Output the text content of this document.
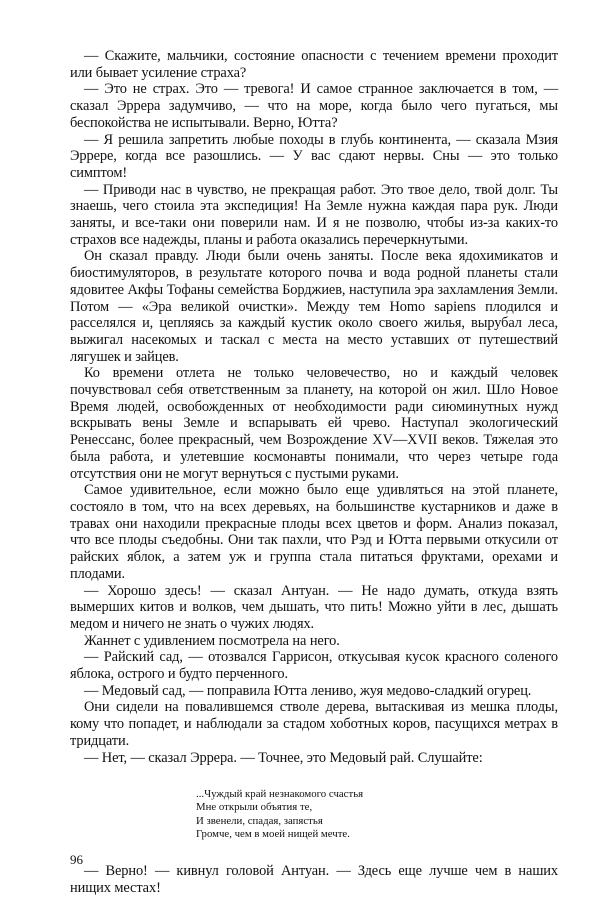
— Скажите, мальчики, состояние опасности с течением времени проходит или бывает усиление страха?

— Это не страх. Это — тревога! И самое странное заключается в том, — сказал Эррера задумчиво, — что на море, когда было чего пугаться, мы беспокойства не испытывали. Верно, Ютта?

— Я решила запретить любые походы в глубь континента, — сказала Мзия Эррере, когда все разошлись. — У вас сдают нервы. Сны — это только симптом!

— Приводи нас в чувство, не прекращая работ. Это твое дело, твой долг. Ты знаешь, чего стоила эта экспедиция! На Земле нужна каждая пара рук. Люди заняты, и все-таки они поверили нам. И я не позволю, чтобы из-за каких-то страхов все надежды, планы и работа оказались перечеркнутыми.

Он сказал правду. Люди были очень заняты. После века ядохимикатов и биостимуляторов, в результате которого почва и вода родной планеты стали ядовитее Акфы Тофаны семейства Борджиев, наступила эра захламления Земли. Потом — «Эра великой очистки». Между тем Homo sapiens плодился и расселялся и, цепляясь за каждый кустик около своего жилья, вырубал леса, выжигал насекомых и таскал с места на место уставших от путешествий лягушек и зайцев.

Ко времени отлета не только человечество, но и каждый человек почувствовал себя ответственным за планету, на которой он жил. Шло Новое Время людей, освобожденных от необходимости ради сиюминутных нужд вскрывать вены Земле и вспарывать ей чрево. Наступал экологический Ренессанс, более прекрасный, чем Возрождение XV—XVII веков. Тяжелая это была работа, и улетевшие космонавты понимали, что через четыре года отсутствия они не могут вернуться с пустыми руками.

Самое удивительное, если можно было еще удивляться на этой планете, состояло в том, что на всех деревьях, на большинстве кустарников и даже в травах они находили прекрасные плоды всех цветов и форм. Анализ показал, что все плоды съедобны. Они так пахли, что Рэд и Ютта первыми откусили от райских яблок, а затем уж и группа стала питаться фруктами, орехами и плодами.

— Хорошо здесь! — сказал Антуан. — Не надо думать, откуда взять вымерших китов и волков, чем дышать, что пить! Можно уйти в лес, дышать медом и ничего не знать о чужих людях.

Жаннет с удивлением посмотрела на него.

— Райский сад, — отозвался Гаррисон, откусывая кусок красного соленого яблока, острого и будто перченного.

— Медовый сад, — поправила Ютта лениво, жуя медово-сладкий огурец.

Они сидели на повалившемся стволе дерева, вытаскивая из мешка плоды, кому что попадет, и наблюдали за стадом хоботных коров, пасущихся метрах в тридцати.

— Нет, — сказал Эррера. — Точнее, это Медовый рай. Слушайте:

...Чуждый край незнакомого счастья
Мне открыли объятия те,
И звенели, спадая, запястья
Громче, чем в моей нищей мечте.

— Верно! — кивнул головой Антуан. — Здесь еще лучше чем в наших нищих местах!

96
